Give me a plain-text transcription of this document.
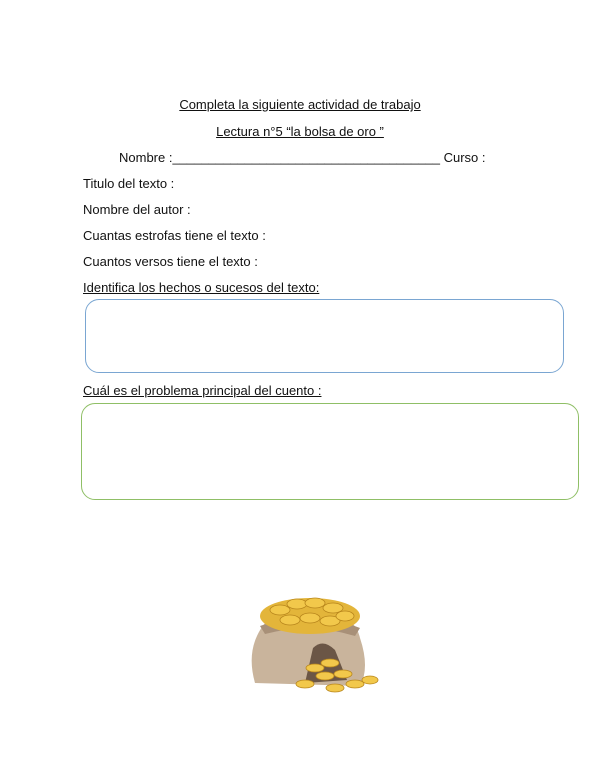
Completa la siguiente actividad de trabajo
Lectura n°5 “la bolsa de oro ”
Nombre :_____________________________________ Curso :
Titulo del texto :
Nombre del autor :
Cuantas estrofas tiene el texto :
Cuantos versos tiene el texto :
Identifica los hechos o sucesos del texto:
Cuál es el problema principal del cuento :
